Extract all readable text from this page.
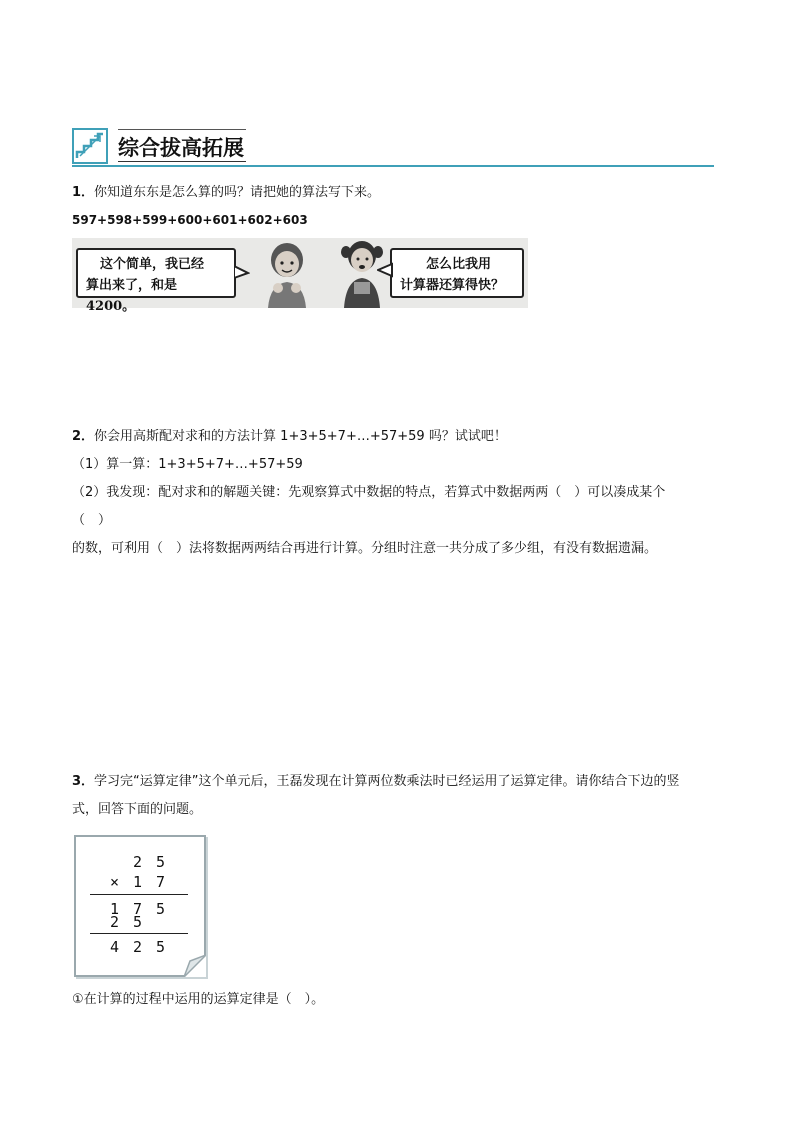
综合拔高拓展
1．你知道东东是怎么算的吗？请把她的算法写下来。
597+598+599+600+601+602+603
这个简单，我已经
算出来了，和是4200。
怎么比我用
计算器还算得快？
2．你会用高斯配对求和的方法计算 1+3+5+7+…+57+59 吗？试试吧！
（1）算一算：1+3+5+7+…+57+59
（2）我发现：配对求和的解题关键：先观察算式中数据的特点，若算式中数据两两（　）可以凑成某个
（　）
的数，可利用（　）法将数据两两结合再进行计算。分组时注意一共分成了多少组，有没有数据遗漏。
3．学习完“运算定律”这个单元后，王磊发现在计算两位数乘法时已经运用了运算定律。请你结合下边的竖
式，回答下面的问题。
2 5
× 1 7
1 7 5
2 5
4 2 5
①在计算的过程中运用的运算定律是（　）。
